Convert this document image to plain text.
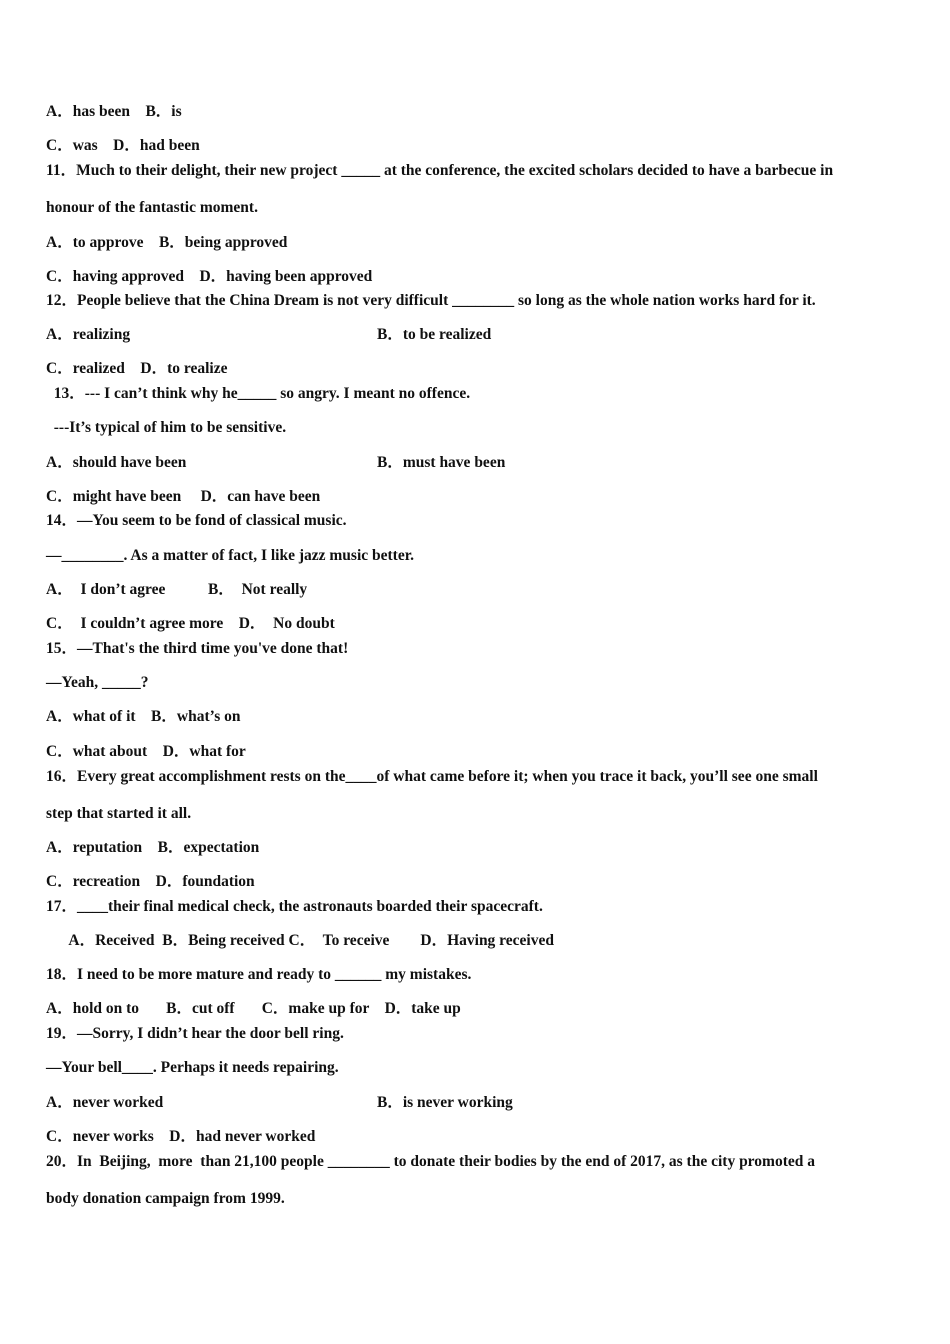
A．has been    B．is
C．was    D．had been
11．Much to their delight, their new project _____ at the conference, the excited scholars decided to have a barbecue in
honour of the fantastic moment.
A．to approve    B．being approved
C．having approved    D．having been approved
12．People believe that the China Dream is not very difficult ________ so long as the whole nation works hard for it.
A．realizing	B．to be realized
C．realized    D．to realize
13．--- I can’t think why he_____ so angry. I meant no offence.
---It’s typical of him to be sensitive.
A．should have been	B．must have been
C．might have been     D．can have been
14．—You seem to be fond of classical music.
—________. As a matter of fact, I like jazz music better.
A．  I don’t agree           B．  Not really
C．  I couldn’t agree more    D．  No doubt
15．—That's the third time you've done that!
—Yeah, _____?
A．what of it    B．what’s on
C．what about    D．what for
16．Every great accomplishment rests on the____of what came before it; when you trace it back, you’ll see one small
step that started it all.
A．reputation    B．expectation
C．recreation    D．foundation
17．____their final medical check, the astronauts boarded their spacecraft.
A．Received  B．Being received C．  To receive        D．Having received
18．I need to be more mature and ready to ______ my mistakes.
A．hold on to       B．cut off       C．make up for    D．take up
19．—Sorry, I didn’t hear the door bell ring.
—Your bell____. Perhaps it needs repairing.
A．never worked	B．is never working
C．never works    D．had never worked
20．In  Beijing,  more  than 21,100 people ________ to donate their bodies by the end of 2017, as the city promoted a
body donation campaign from 1999.
